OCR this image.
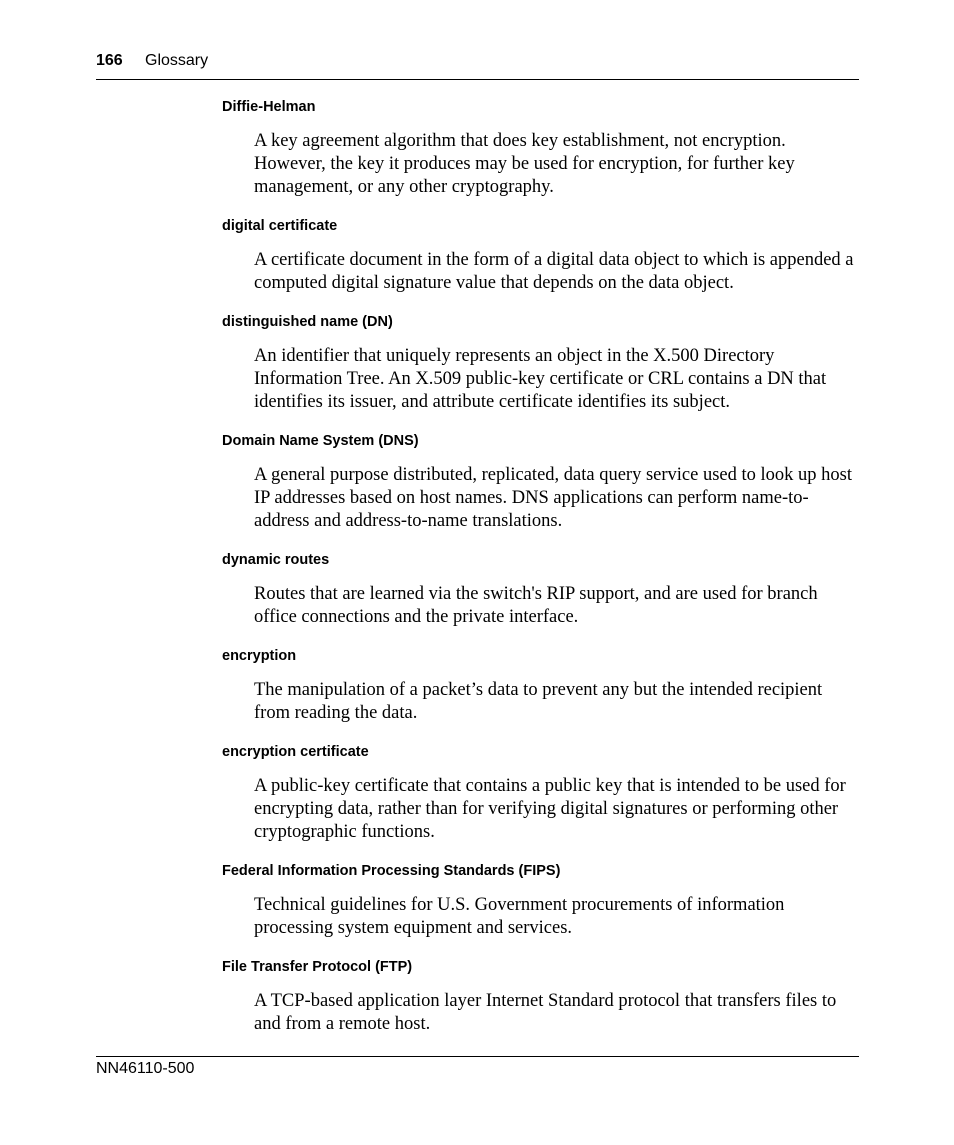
166 Glossary

Diffie-Helman

A key agreement algorithm that does key establishment, not encryption. However, the key it produces may be used for encryption, for further key management, or any other cryptography.

digital certificate

A certificate document in the form of a digital data object to which is appended a computed digital signature value that depends on the data object.

distinguished name (DN)

An identifier that uniquely represents an object in the X.500 Directory Information Tree. An X.509 public-key certificate or CRL contains a DN that identifies its issuer, and attribute certificate identifies its subject.

Domain Name System (DNS)

A general purpose distributed, replicated, data query service used to look up host IP addresses based on host names. DNS applications can perform name-to-address and address-to-name translations.

dynamic routes

Routes that are learned via the switch's RIP support, and are used for branch office connections and the private interface.

encryption

The manipulation of a packet’s data to prevent any but the intended recipient from reading the data.

encryption certificate

A public-key certificate that contains a public key that is intended to be used for encrypting data, rather than for verifying digital signatures or performing other cryptographic functions.

Federal Information Processing Standards (FIPS)

Technical guidelines for U.S. Government procurements of information processing system equipment and services.

File Transfer Protocol (FTP)

A TCP-based application layer Internet Standard protocol that transfers files to and from a remote host.

NN46110-500
